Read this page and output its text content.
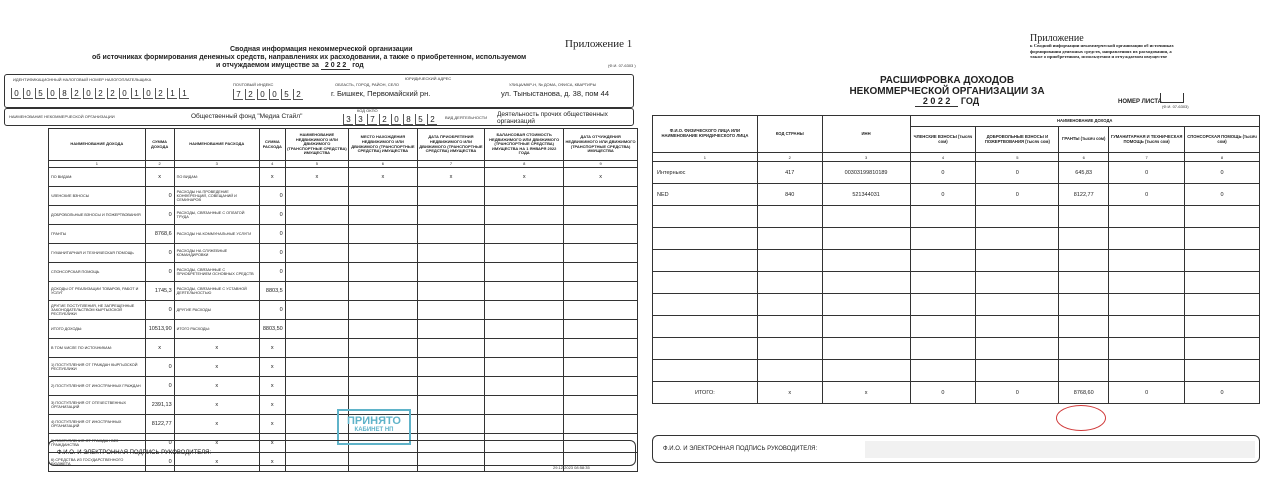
Приложение 1
Сводная информация некоммерческой организации
об источниках формирования денежных средств, направлениях их расходовании, а также о приобретенном, используемом
и отчуждаемом имуществе за 2 0 2 2 год	(Ф.И. 07-6303 )
ИДЕНТИФИКАЦИОННЫЙ НАЛОГОВЫЙ НОМЕР НАЛОГОПЛАТЕЛЬЩИКА
0 0 5 0 8 2 0 2 2 0 1 0 2 1 1
ПОЧТОВЫЙ ИНДЕКС
7 2 0 0 5 2
ЮРИДИЧЕСКИЙ АДРЕС
ОБЛАСТЬ, ГОРОД, РАЙОН, СЕЛО
г. Бишкек, Первомайский рн.
УЛИЦА/МКР-Н, № ДОМА, ОФИСА, КВАРТИРЫ
ул. Тыныстанова, д. 38, пом 44
НАИМЕНОВАНИЕ НЕКОММЕРЧЕСКОЙ ОРГАНИЗАЦИИ	Общественный фонд "Медиа Стайл"
КОД ОКПО
3 3 7 2 0 8 5 2	ВИД ДЕЯТЕЛЬНОСТИ Деятельность прочих общественных организаций
НАИМЕНОВАНИЕ ДОХОДА	СУММА ДОХОДА	НАИМЕНОВАНИЕ РАСХОДА	СУММА РАСХОДА	НАИМЕНОВАНИЕ НЕДВИЖИМОГО ИЛИ ДВИЖИМОГО (ТРАНСПОРТНЫЕ СРЕДСТВА) ИМУЩЕСТВА	МЕСТО НАХОЖДЕНИЯ НЕДВИЖИМОГО ИЛИ ДВИЖИМОГО (ТРАНСПОРТНЫЕ СРЕДСТВА) ИМУЩЕСТВА	ДАТА ПРИОБРЕТЕНИЯ НЕДВИЖИМОГО ИЛИ ДВИЖИМОГО (ТРАНСПОРТНЫЕ СРЕДСТВА) ИМУЩЕСТВА	БАЛАНСОВАЯ СТОИМОСТЬ НЕДВИЖИМОГО ИЛИ ДВИЖИМОГО (ТРАНСПОРТНЫЕ СРЕДСТВА) ИМУЩЕСТВА НА 1 ЯНВАРЯ 2022 ГОДА	ДАТА ОТЧУЖДЕНИЯ НЕДВИЖИМОГО ИЛИ ДВИЖИМОГО (ТРАНСПОРТНЫЕ СРЕДСТВА) ИМУЩЕСТВА
1	2	3	4	5	6	7	8	9
ПО ВИДАМ:	x	ПО ВИДАМ:	x	x	x	x	x	x
ЧЛЕНСКИЕ ВЗНОСЫ	0	РАСХОДЫ НА ПРОВЕДЕНИЕ КОНФЕРЕНЦИЙ, СОВЕЩАНИЙ И СЕМИНАРОВ	0					
ДОБРОВОЛЬНЫЕ ВЗНОСЫ И ПОЖЕРТВОВАНИЯ	0	РАСХОДЫ, СВЯЗАННЫЕ С ОПЛАТОЙ ТРУДА	0					
ГРАНТЫ	8768,6	РАСХОДЫ НА КОММУНАЛЬНЫЕ УСЛУГИ	0					
ГУМАНИТАРНАЯ И ТЕХНИЧЕСКАЯ ПОМОЩЬ	0	РАСХОДЫ НА СЛУЖЕБНЫЕ КОМАНДИРОВКИ	0					
СПОНСОРСКАЯ ПОМОЩЬ	0	РАСХОДЫ, СВЯЗАННЫЕ С ПРИОБРЕТЕНИЕМ ОСНОВНЫХ СРЕДСТВ	0					
ДОХОДЫ ОТ РЕАЛИЗАЦИИ ТОВАРОВ, РАБОТ И УСЛУГ	1745,3	РАСХОДЫ, СВЯЗАННЫЕ С УСТАВНОЙ ДЕЯТЕЛЬНОСТЬЮ	8803,5					
ДРУГИЕ ПОСТУПЛЕНИЯ, НЕ ЗАПРЕЩЕННЫЕ ЗАКОНОДАТЕЛЬСТВОМ КЫРГЫЗСКОЙ РЕСПУБЛИКИ	0	ДРУГИЕ РАСХОДЫ	0					
ИТОГО ДОХОДЫ:	10513,90	ИТОГО РАСХОДЫ:	8803,50					
В ТОМ ЧИСЛЕ ПО ИСТОЧНИКАМ:	x	x	x					
1) ПОСТУПЛЕНИЯ ОТ ГРАЖДАН КЫРГЫЗСКОЙ РЕСПУБЛИКИ	0	x	x					
2) ПОСТУПЛЕНИЯ ОТ ИНОСТРАННЫХ ГРАЖДАН	0	x	x					
3) ПОСТУПЛЕНИЯ ОТ ОТЕЧЕСТВЕННЫХ ОРГАНИЗАЦИЙ	2391,13	x	x					
4) ПОСТУПЛЕНИЯ ОТ ИНОСТРАННЫХ ОРГАНИЗАЦИЙ	8122,77	x	x					
5) ПОСТУПЛЕНИЯ ОТ ГРАЖДАН БЕЗ ГРАЖДАНСТВА	0	x	x					
6) СРЕДСТВА ИЗ ГОСУДАРСТВЕННОГО БЮДЖЕТА	0	x	x					
ПРИНЯТО
КАБИНЕТ НП
Ф.И.О. И ЭЛЕКТРОННАЯ ПОДПИСЬ РУКОВОДИТЕЛЯ:
29.12.2023 08:58:35
Приложение
к Сводной информации некоммерческой организации об источниках формирования денежных средств, направлениях их расходования, а также о приобретенном, используемом и отчуждаемом имуществе
НОМЕР ЛИСТА
(Ф.И. 07-6303)
РАСШИФРОВКА ДОХОДОВ
НЕКОММЕРЧЕСКОЙ ОРГАНИЗАЦИИ ЗА
2 0 2 2 ГОД
Ф.И.О. ФИЗИЧЕСКОГО ЛИЦА ИЛИ НАИМЕНОВАНИЕ ЮРИДИЧЕСКОГО ЛИЦА	КОД СТРАНЫ	ИНН	НАИМЕНОВАНИЕ ДОХОДА				
			ЧЛЕНСКИЕ ВЗНОСЫ (тысяч сом)	ДОБРОВОЛЬНЫЕ ВЗНОСЫ И ПОЖЕРТВОВАНИЯ (тысяч сом)	ГРАНТЫ (тысяч сом)	ГУМАНИТАРНАЯ И ТЕХНИЧЕСКАЯ ПОМОЩЬ (тысяч сом)	СПОНСОРСКАЯ ПОМОЩЬ (тысяч сом)
1	2	3	4	5	6	7	8
Интерньюс	417	00303199810189	0	0	645,83	0	0
NED	840	521344031	0	0	8122,77	0	0

ИТОГО:	x	x	0	0	8768,60	0	0
Ф.И.О. И ЭЛЕКТРОННАЯ ПОДПИСЬ РУКОВОДИТЕЛЯ:
